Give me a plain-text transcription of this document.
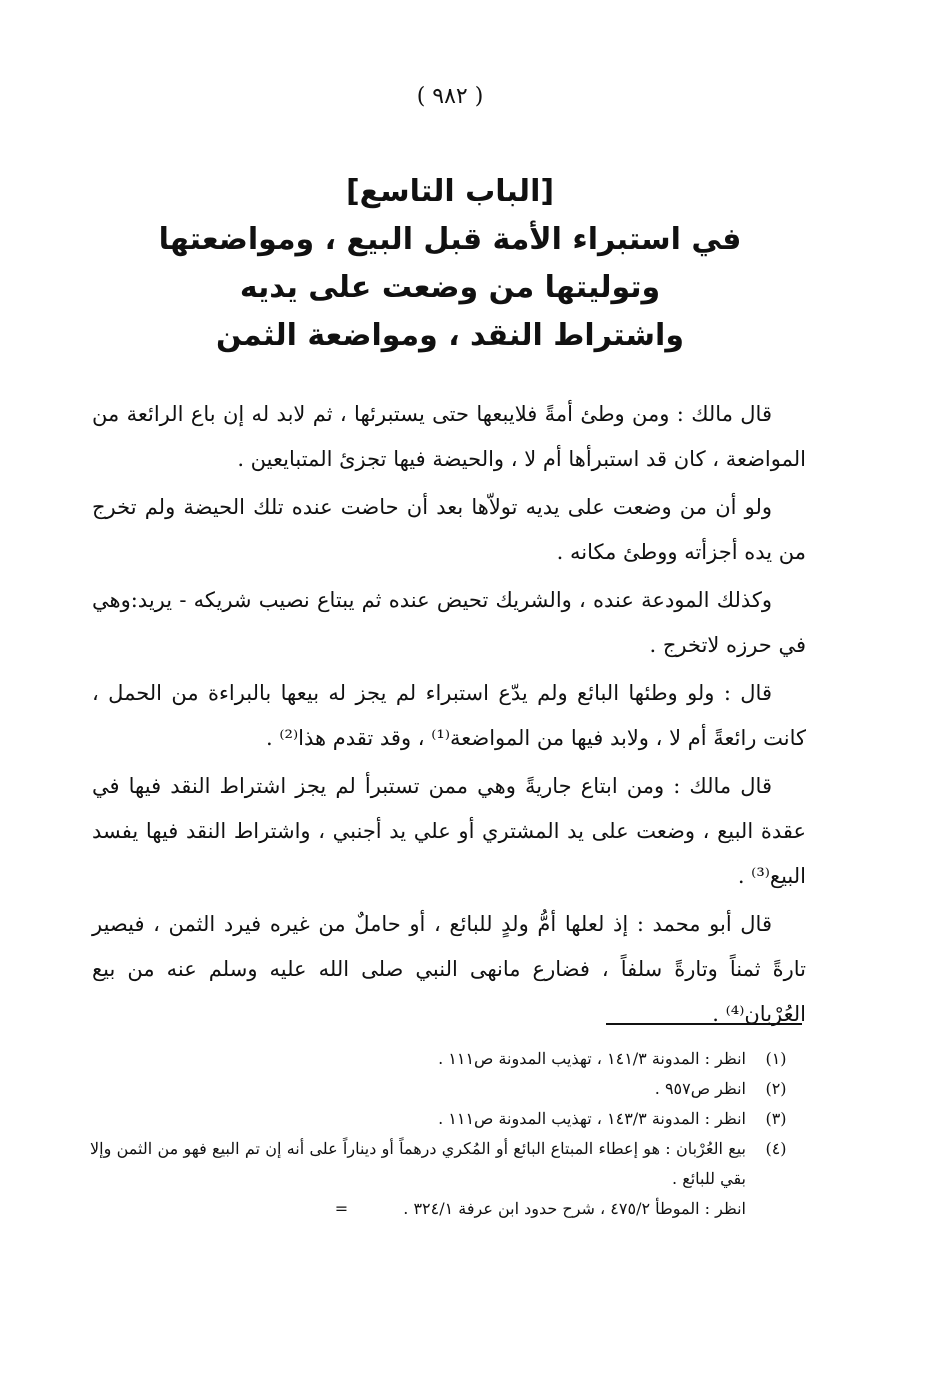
( ٩٨٢ )
[الباب التاسع]
في استبراء الأمة قبل البيع ، ومواضعتها
وتوليتها من وضعت على يديه
واشتراط النقد ، ومواضعة الثمن

قال مالك : ومن وطئ أمةً فلايبعها حتى يستبرئها ، ثم لابد له إن باع الرائعة من المواضعة ، كان قد استبرأها أم لا ، والحيضة فيها تجزئ المتبايعين .

ولو أن من وضعت على يديه تولاّها بعد أن حاضت عنده تلك الحيضة ولم تخرج من يده أجزأته ووطئ مكانه .

وكذلك المودعة عنده ، والشريك تحيض عنده ثم يبتاع نصيب شريكه - يريد:وهي في حرزه لاتخرج .

قال : ولو وطئها البائع ولم يدّع استبراء لم يجز له بيعها بالبراءة من الحمل ، كانت رائعةً أم لا ، ولابد فيها من المواضعة⁽¹⁾ ، وقد تقدم هذا⁽²⁾ .

قال مالك : ومن ابتاع جاريةً وهي ممن تستبرأ لم يجز اشتراط النقد فيها في عقدة البيع ، وضعت على يد المشتري أو علي يد أجنبي ، واشتراط النقد فيها يفسد البيع⁽³⁾ .

قال أبو محمد : إذ لعلها أمُّ ولدٍ للبائع ، أو حاملٌ من غيره فيرد الثمن ، فيصير تارةً ثمناً وتارةً سلفاً ، فضارع مانهى النبي صلى الله عليه وسلم عنه من بيع العُرْبان⁽⁴⁾ .

(١)
انظر : المدونة ١٤١/٣ ، تهذيب المدونة ص١١١ .
(٢)
انظر ص٩٥٧ .
(٣)
انظر : المدونة ١٤٣/٣ ، تهذيب المدونة ص١١١ .
(٤)
بيع العُرْبان : هو إعطاء المبتاع البائع أو المُكري درهماً أو ديناراً على أنه إن تم البيع فهو من الثمن وإلا بقي للبائع .
انظر : الموطأ ٤٧٥/٢ ، شرح حدود ابن عرفة ٣٢٤/١ . =
